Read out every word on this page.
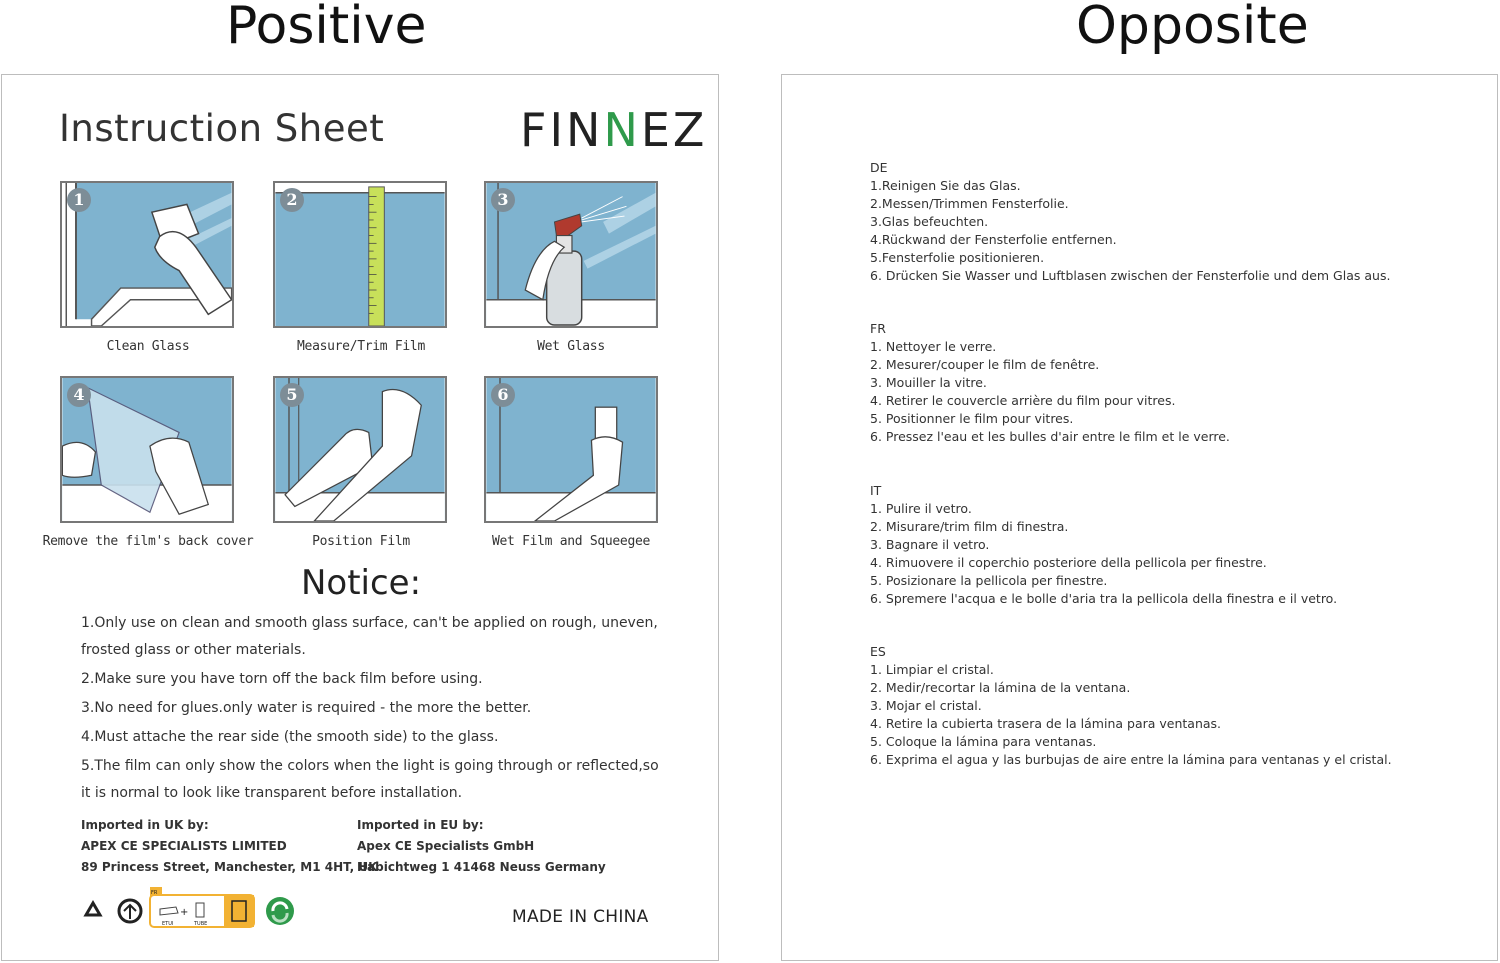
Positive	Opposite
Instruction Sheet	FINNEZ
1
Clean Glass
2
Measure/Trim Film
3
Wet Glass
4
Remove the film's back cover
5
Position Film
6
Wet Film and Squeegee
Notice:
1.Only use on clean and smooth glass surface, can't be applied on rough, uneven, frosted glass or other materials.
2.Make sure you have torn off the back film before using.
3.No need for glues.only water is required - the more the better.
4.Must attache the rear side (the smooth side) to the glass.
5.The film can only show the colors when the light is going through or reflected,so it is normal to look like transparent before installation.
Imported in UK by:
APEX CE SPECIALISTS LIMITED
89 Princess Street, Manchester, M1 4HT, UK
Imported in EU by:
Apex CE Specialists GmbH
Habichtweg 1 41468 Neuss Germany
FR
+
ETUI	TUBE	MADE IN CHINA
DE
1.Reinigen Sie das Glas.
2.Messen/Trimmen Fensterfolie.
3.Glas befeuchten.
4.Rückwand der Fensterfolie entfernen.
5.Fensterfolie positionieren.
6. Drücken Sie Wasser und Luftblasen zwischen der Fensterfolie und dem Glas aus.
FR
1. Nettoyer le verre.
2. Mesurer/couper le film de fenêtre.
3. Mouiller la vitre.
4. Retirer le couvercle arrière du film pour vitres.
5. Positionner le film pour vitres.
6. Pressez l'eau et les bulles d'air entre le film et le verre.
IT
1. Pulire il vetro.
2. Misurare/trim film di finestra.
3. Bagnare il vetro.
4. Rimuovere il coperchio posteriore della pellicola per finestre.
5. Posizionare la pellicola per finestre.
6. Spremere l'acqua e le bolle d'aria tra la pellicola della finestra e il vetro.
ES
1. Limpiar el cristal.
2. Medir/recortar la lámina de la ventana.
3. Mojar el cristal.
4. Retire la cubierta trasera de la lámina para ventanas.
5. Coloque la lámina para ventanas.
6. Exprima el agua y las burbujas de aire entre la lámina para ventanas y el cristal.
